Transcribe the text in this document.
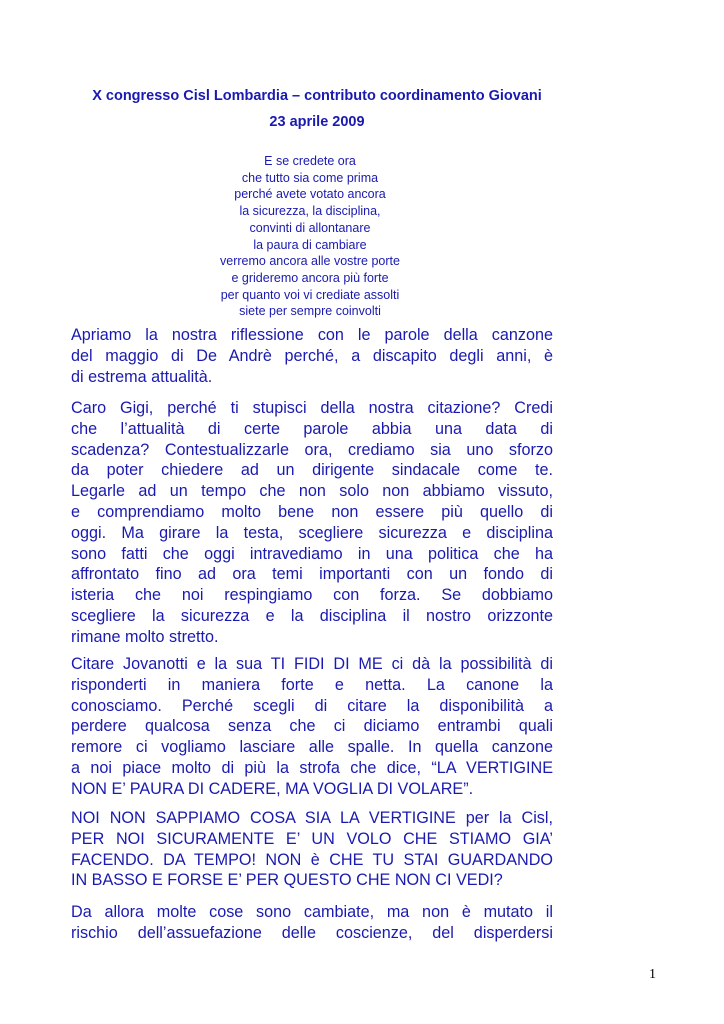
X congresso Cisl Lombardia – contributo coordinamento Giovani
23 aprile 2009
E se credete ora
che tutto sia come prima
perché avete votato ancora
la sicurezza, la disciplina,
convinti di allontanare
la paura di cambiare
verremo ancora alle vostre porte
e grideremo ancora più forte
per quanto voi vi crediate assolti
siete per sempre coinvolti
Apriamo la nostra riflessione con le parole della canzone
del maggio di De Andrè perché, a discapito degli anni, è
di estrema attualità.
Caro Gigi, perché ti stupisci della nostra citazione? Credi
che l’attualità di certe parole abbia una data di
scadenza? Contestualizzarle ora, crediamo sia uno sforzo
da poter chiedere ad un dirigente sindacale come te.
Legarle ad un tempo che non solo non abbiamo vissuto,
e comprendiamo molto bene non essere più quello di
oggi. Ma girare la testa, scegliere sicurezza e disciplina
sono fatti che oggi intravediamo in una politica che ha
affrontato fino ad ora temi importanti con un fondo di
isteria che noi respingiamo con forza. Se dobbiamo
scegliere la sicurezza e la disciplina il nostro orizzonte
rimane molto stretto.
Citare Jovanotti e la sua TI FIDI DI ME ci dà la possibilità di
risponderti in maniera forte e netta. La canone la
conosciamo. Perché scegli di citare la disponibilità a
perdere qualcosa senza che ci diciamo entrambi quali
remore ci vogliamo lasciare alle spalle. In quella canzone
a noi piace molto di più la strofa che dice, “LA VERTIGINE
NON E’ PAURA DI CADERE, MA VOGLIA DI VOLARE”.
NOI NON SAPPIAMO COSA SIA LA VERTIGINE per la Cisl,
PER NOI SICURAMENTE E’ UN VOLO CHE STIAMO GIA’
FACENDO. DA TEMPO! NON è CHE TU STAI GUARDANDO
IN BASSO E FORSE E’ PER QUESTO CHE NON CI VEDI?
Da allora molte cose sono cambiate, ma non è mutato il
rischio dell’assuefazione delle coscienze, del disperdersi
1
